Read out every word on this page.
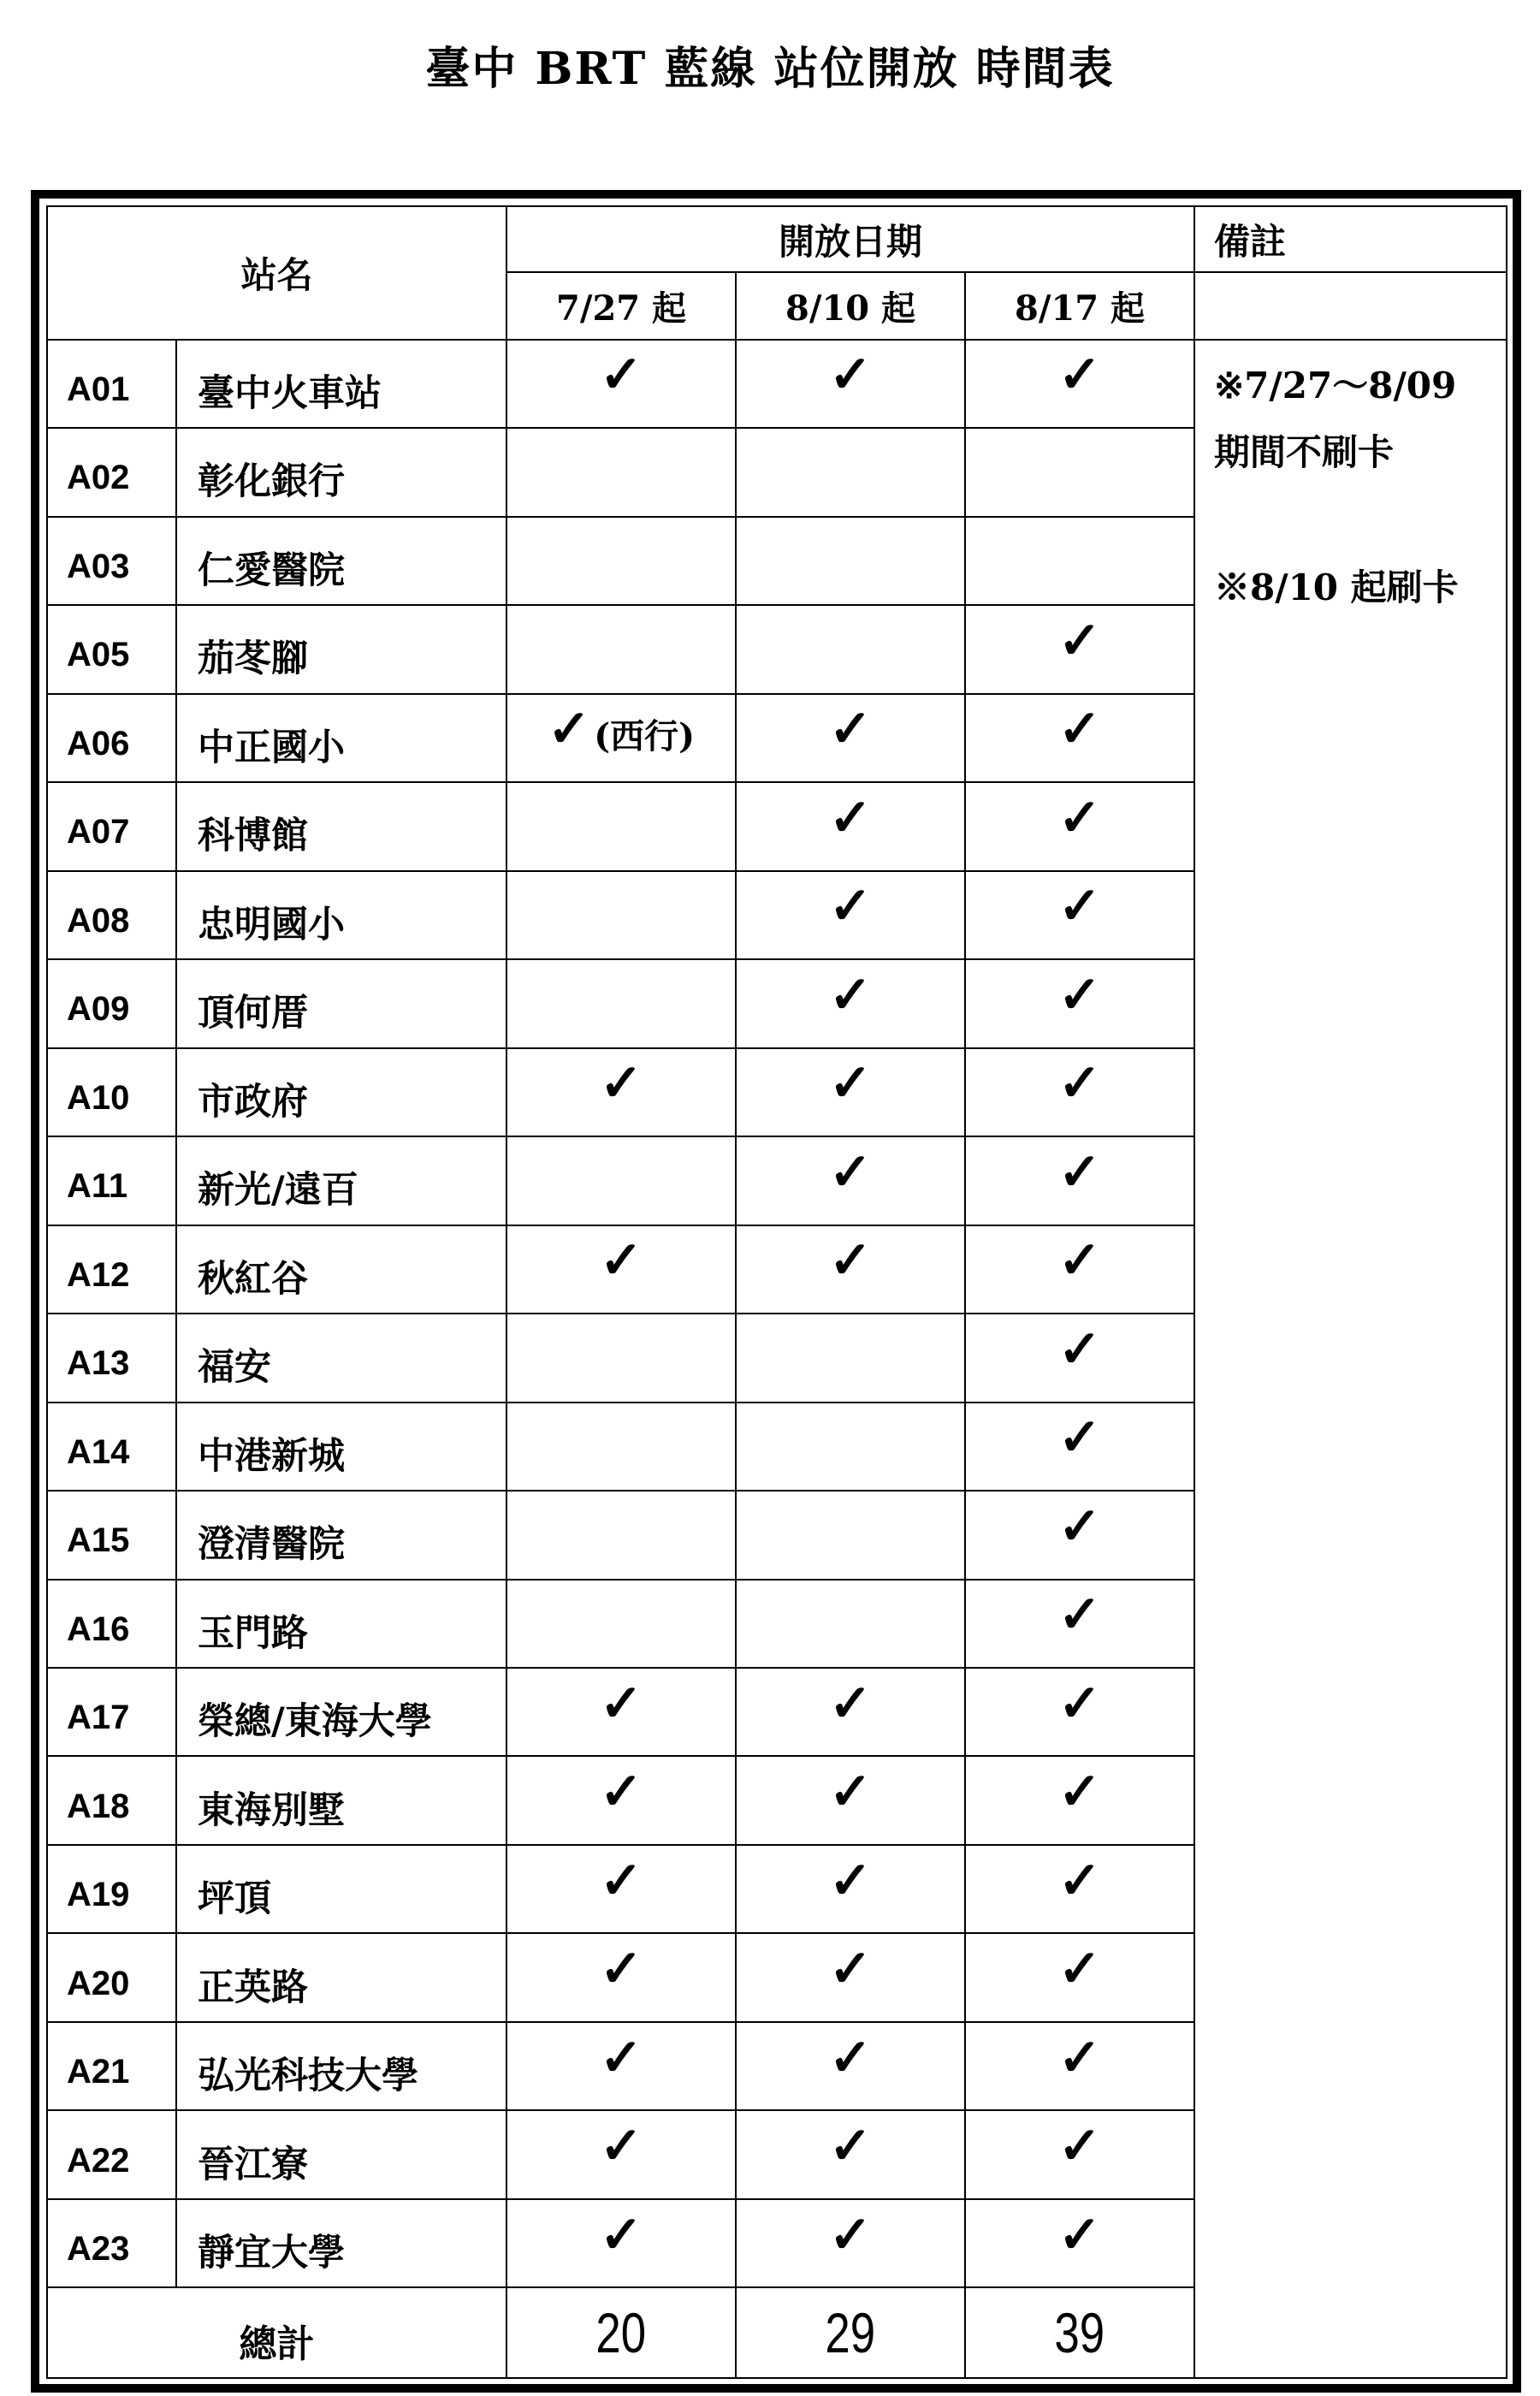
臺中 BRT 藍線 站位開放 時間表
站名		開放日期			備註
		7/27 起	8/10 起	8/17 起	
A01	臺中火車站	✓	✓	✓	※7/27～8/09
期間不刷卡
※8/10 起刷卡

A02	彰化銀行				
A03	仁愛醫院				
A05	茄苳腳			✓	
A06	中正國小	✓ $^{(西行)}$	✓	✓	
A07	科博館		✓	✓	
A08	忠明國小		✓	✓	
A09	頂何厝		✓	✓	
A10	市政府	✓	✓	✓	
A11	新光/遠百		✓	✓	
A12	秋紅谷	✓	✓	✓	
A13	福安			✓	
A14	中港新城			✓	
A15	澄清醫院			✓	
A16	玉門路			✓	
A17	榮總/東海大學	✓	✓	✓	
A18	東海別墅	✓	✓	✓	
A19	坪頂	✓	✓	✓	
A20	正英路	✓	✓	✓	
A21	弘光科技大學	✓	✓	✓	
A22	晉江寮	✓	✓	✓	
A23	靜宜大學	✓	✓	✓	
總計		20	29	39	
